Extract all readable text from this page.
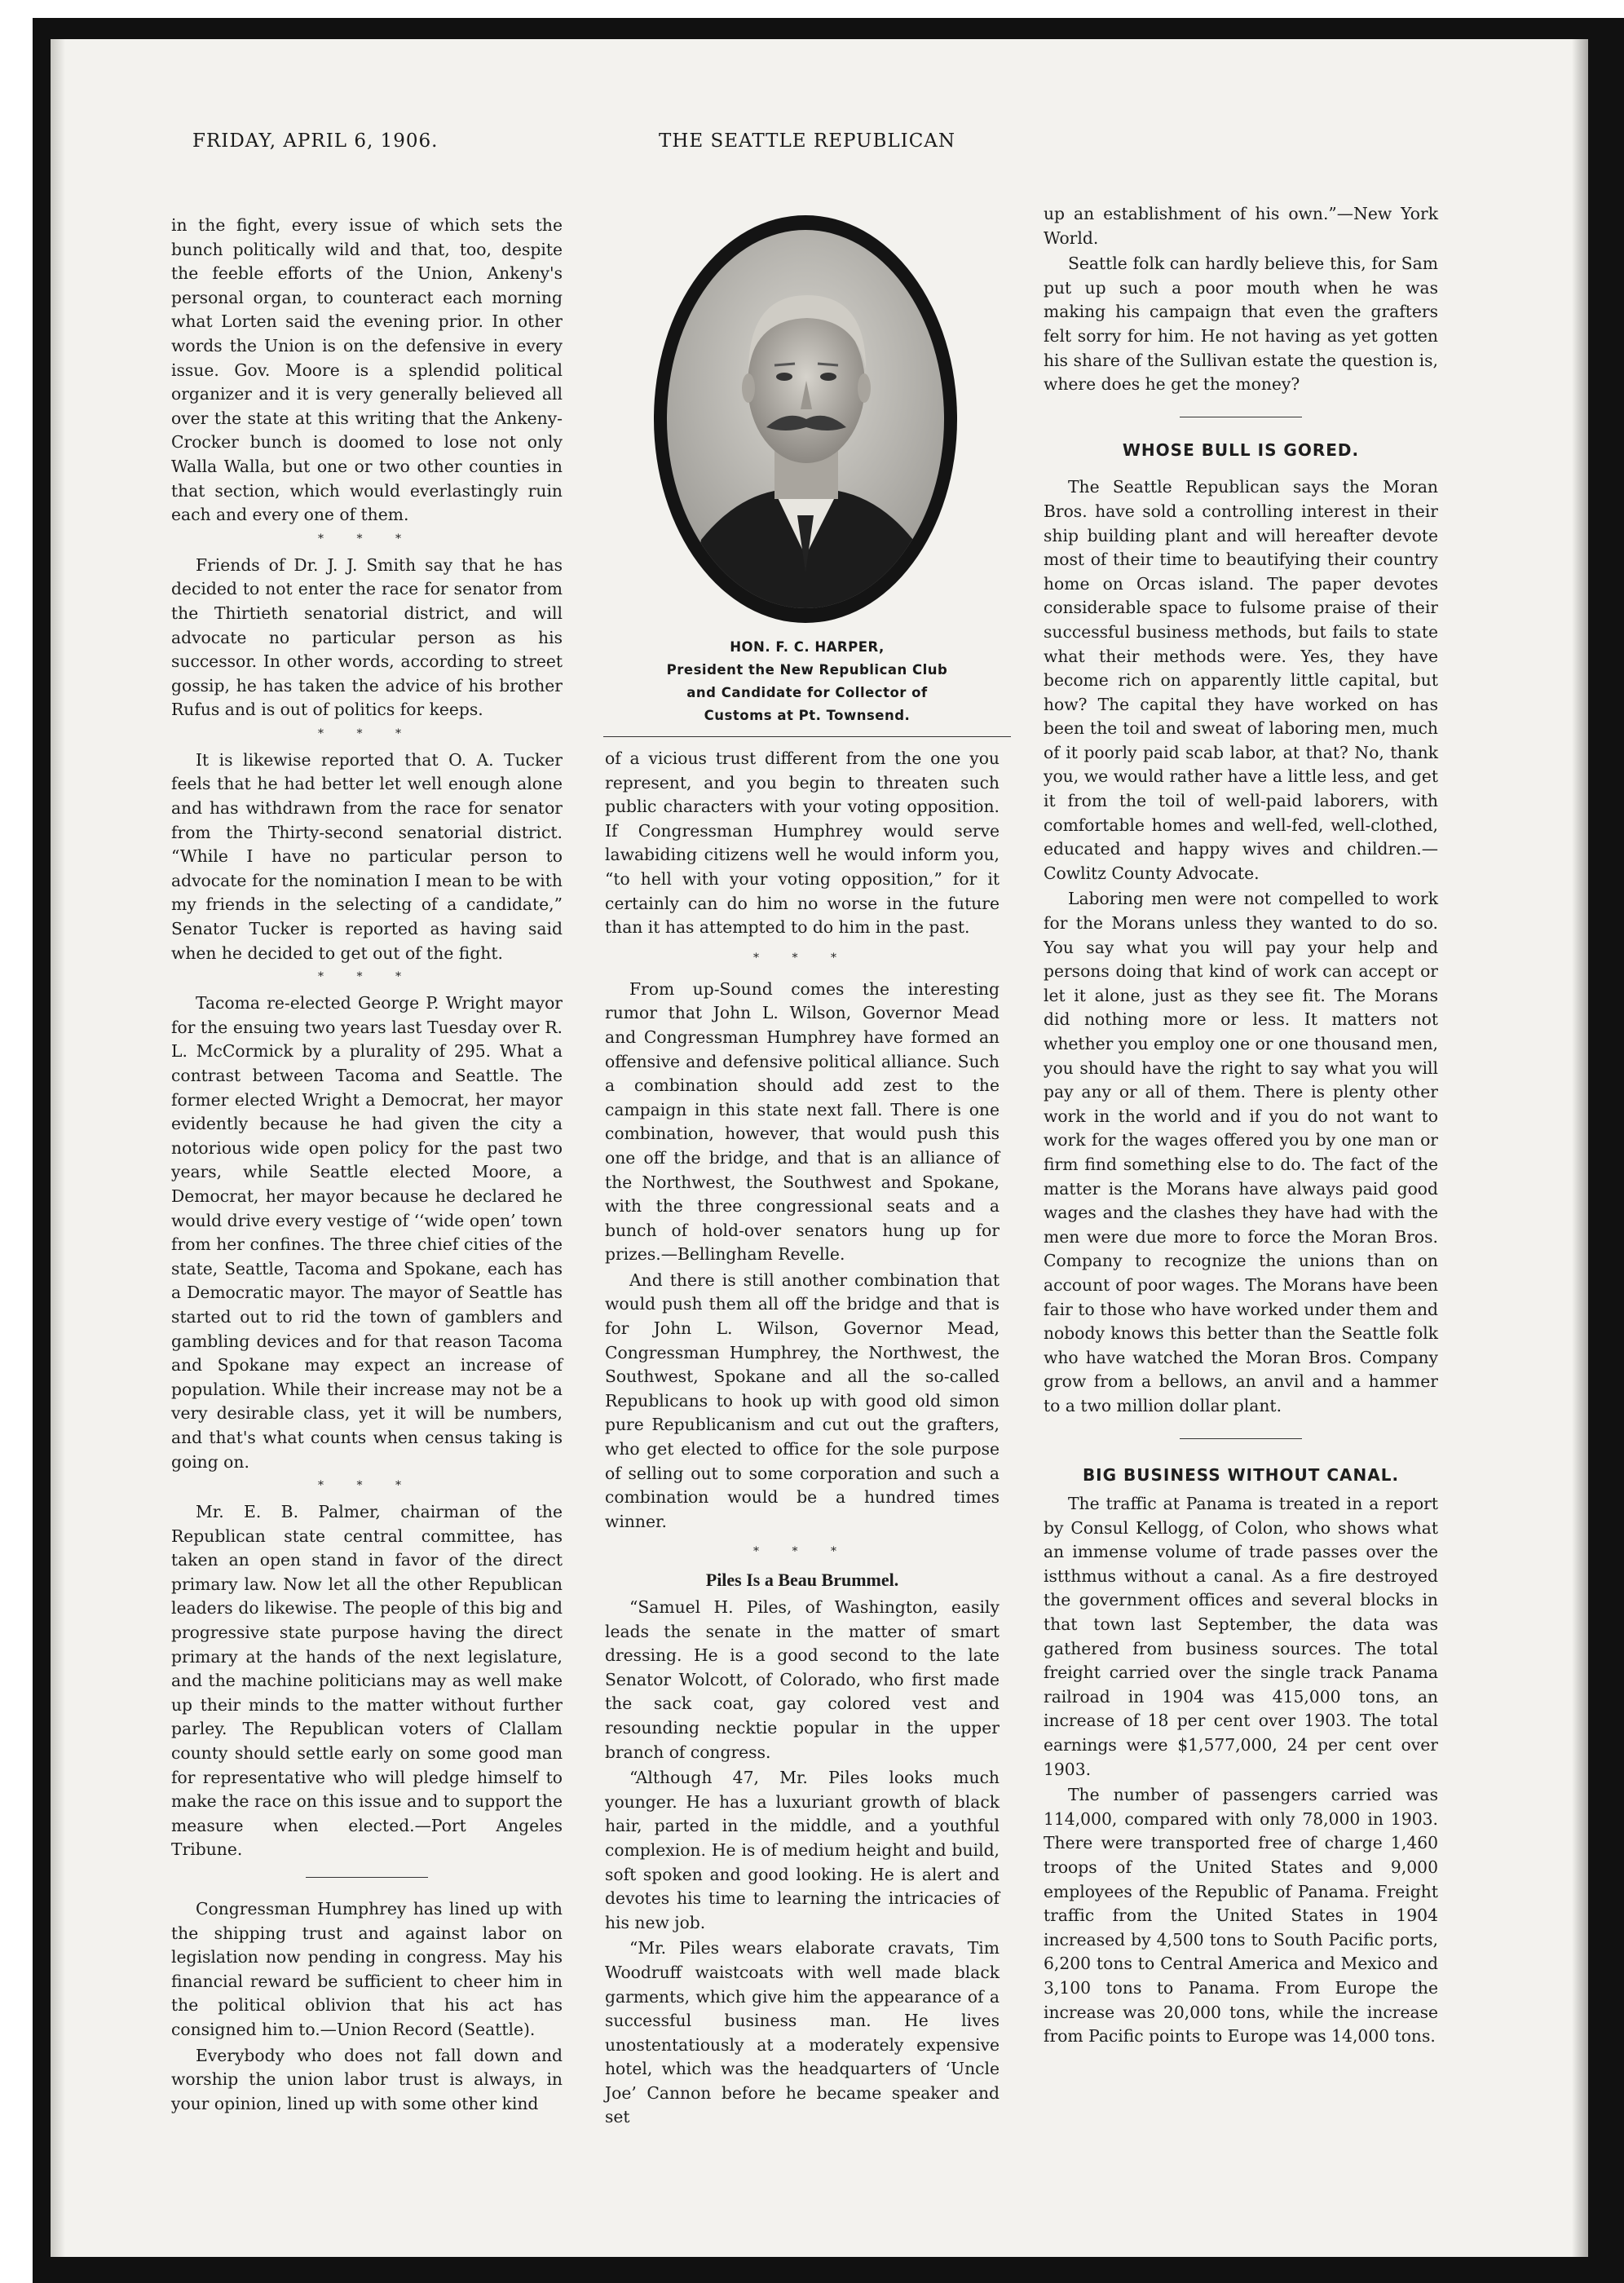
FRIDAY, APRIL 6, 1906.	THE SEATTLE REPUBLICAN

in the fight, every issue of which sets the bunch politically wild and that, too, despite the feeble efforts of the Union, Ankeny's personal organ, to counteract each morning what Lorten said the evening prior. In other words the Union is on the defensive in every issue. Gov. Moore is a splendid political organizer and it is very generally believed all over the state at this writing that the Ankeny-Crocker bunch is doomed to lose not only Walla Walla, but one or two other counties in that section, which would everlastingly ruin each and every one of them.

* * *

Friends of Dr. J. J. Smith say that he has decided to not enter the race for senator from the Thirtieth senatorial district, and will advocate no particular person as his successor. In other words, according to street gossip, he has taken the advice of his brother Rufus and is out of politics for keeps.

* * *

It is likewise reported that O. A. Tucker feels that he had better let well enough alone and has withdrawn from the race for senator from the Thirty-second senatorial district. “While I have no particular person to advocate for the nomination I mean to be with my friends in the selecting of a candidate,” Senator Tucker is reported as having said when he decided to get out of the fight.

* * *

Tacoma re-elected George P. Wright mayor for the ensuing two years last Tuesday over R. L. McCormick by a plurality of 295. What a contrast between Tacoma and Seattle. The former elected Wright a Democrat, her mayor evidently because he had given the city a notorious wide open policy for the past two years, while Seattle elected Moore, a Democrat, her mayor because he declared he would drive every vestige of ‘‘wide open’ town from her confines. The three chief cities of the state, Seattle, Tacoma and Spokane, each has a Democratic mayor. The mayor of Seattle has started out to rid the town of gamblers and gambling devices and for that reason Tacoma and Spokane may expect an increase of population. While their increase may not be a very desirable class, yet it will be numbers, and that's what counts when census taking is going on.

* * *

Mr. E. B. Palmer, chairman of the Republican state central committee, has taken an open stand in favor of the direct primary law. Now let all the other Republican leaders do likewise. The people of this big and progressive state purpose having the direct primary at the hands of the next legislature, and the machine politicians may as well make up their minds to the matter without further parley. The Republican voters of Clallam county should settle early on some good man for representative who will pledge himself to make the race on this issue and to support the measure when elected.—Port Angeles Tribune.

Congressman Humphrey has lined up with the shipping trust and against labor on legislation now pending in congress. May his financial reward be sufficient to cheer him in the political oblivion that his act has consigned him to.—Union Record (Seattle).

Everybody who does not fall down and worship the union labor trust is always, in your opinion, lined up with some other kind

HON. F. C. HARPER,
President the New Republican Club
and Candidate for Collector of
Customs at Pt. Townsend.

of a vicious trust different from the one you represent, and you begin to threaten such public characters with your voting opposition. If Congressman Humphrey would serve lawabiding citizens well he would inform you, “to hell with your voting opposition,” for it certainly can do him no worse in the future than it has attempted to do him in the past.

* * *

From up-Sound comes the interesting rumor that John L. Wilson, Governor Mead and Congressman Humphrey have formed an offensive and defensive political alliance. Such a combination should add zest to the campaign in this state next fall. There is one combination, however, that would push this one off the bridge, and that is an alliance of the Northwest, the Southwest and Spokane, with the three congressional seats and a bunch of hold-over senators hung up for prizes.—Bellingham Revelle.

And there is still another combination that would push them all off the bridge and that is for John L. Wilson, Governor Mead, Congressman Humphrey, the Northwest, the Southwest, Spokane and all the so-called Republicans to hook up with good old simon pure Republicanism and cut out the grafters, who get elected to office for the sole purpose of selling out to some corporation and such a combination would be a hundred times winner.

* * *
Piles Is a Beau Brummel.

“Samuel H. Piles, of Washington, easily leads the senate in the matter of smart dressing. He is a good second to the late Senator Wolcott, of Colorado, who first made the sack coat, gay colored vest and resounding necktie popular in the upper branch of congress.

“Although 47, Mr. Piles looks much younger. He has a luxuriant growth of black hair, parted in the middle, and a youthful complexion. He is of medium height and build, soft spoken and good looking. He is alert and devotes his time to learning the intricacies of his new job.

“Mr. Piles wears elaborate cravats, Tim Woodruff waistcoats with well made black garments, which give him the appearance of a successful business man. He lives unostentatiously at a moderately expensive hotel, which was the headquarters of ‘Uncle Joe’ Cannon before he became speaker and set

up an establishment of his own.”—New York World.

Seattle folk can hardly believe this, for Sam put up such a poor mouth when he was making his campaign that even the grafters felt sorry for him. He not having as yet gotten his share of the Sullivan estate the question is, where does he get the money?

WHOSE BULL IS GORED.

The Seattle Republican says the Moran Bros. have sold a controlling interest in their ship building plant and will hereafter devote most of their time to beautifying their country home on Orcas island. The paper devotes considerable space to fulsome praise of their successful business methods, but fails to state what their methods were. Yes, they have become rich on apparently little capital, but how? The capital they have worked on has been the toil and sweat of laboring men, much of it poorly paid scab labor, at that? No, thank you, we would rather have a little less, and get it from the toil of well-paid laborers, with comfortable homes and well-fed, well-clothed, educated and happy wives and children.—Cowlitz County Advocate.

Laboring men were not compelled to work for the Morans unless they wanted to do so. You say what you will pay your help and persons doing that kind of work can accept or let it alone, just as they see fit. The Morans did nothing more or less. It matters not whether you employ one or one thousand men, you should have the right to say what you will pay any or all of them. There is plenty other work in the world and if you do not want to work for the wages offered you by one man or firm find something else to do. The fact of the matter is the Morans have always paid good wages and the clashes they have had with the men were due more to force the Moran Bros. Company to recognize the unions than on account of poor wages. The Morans have been fair to those who have worked under them and nobody knows this better than the Seattle folk who have watched the Moran Bros. Company grow from a bellows, an anvil and a hammer to a two million dollar plant.

BIG BUSINESS WITHOUT CANAL.

The traffic at Panama is treated in a report by Consul Kellogg, of Colon, who shows what an immense volume of trade passes over the istthmus without a canal. As a fire destroyed the government offices and several blocks in that town last September, the data was gathered from business sources. The total freight carried over the single track Panama railroad in 1904 was 415,000 tons, an increase of 18 per cent over 1903. The total earnings were $1,577,000, 24 per cent over 1903.

The number of passengers carried was 114,000, compared with only 78,000 in 1903. There were transported free of charge 1,460 troops of the United States and 9,000 employees of the Republic of Panama. Freight traffic from the United States in 1904 increased by 4,500 tons to South Pacific ports, 6,200 tons to Central America and Mexico and 3,100 tons to Panama. From Europe the increase was 20,000 tons, while the increase from Pacific points to Europe was 14,000 tons.
